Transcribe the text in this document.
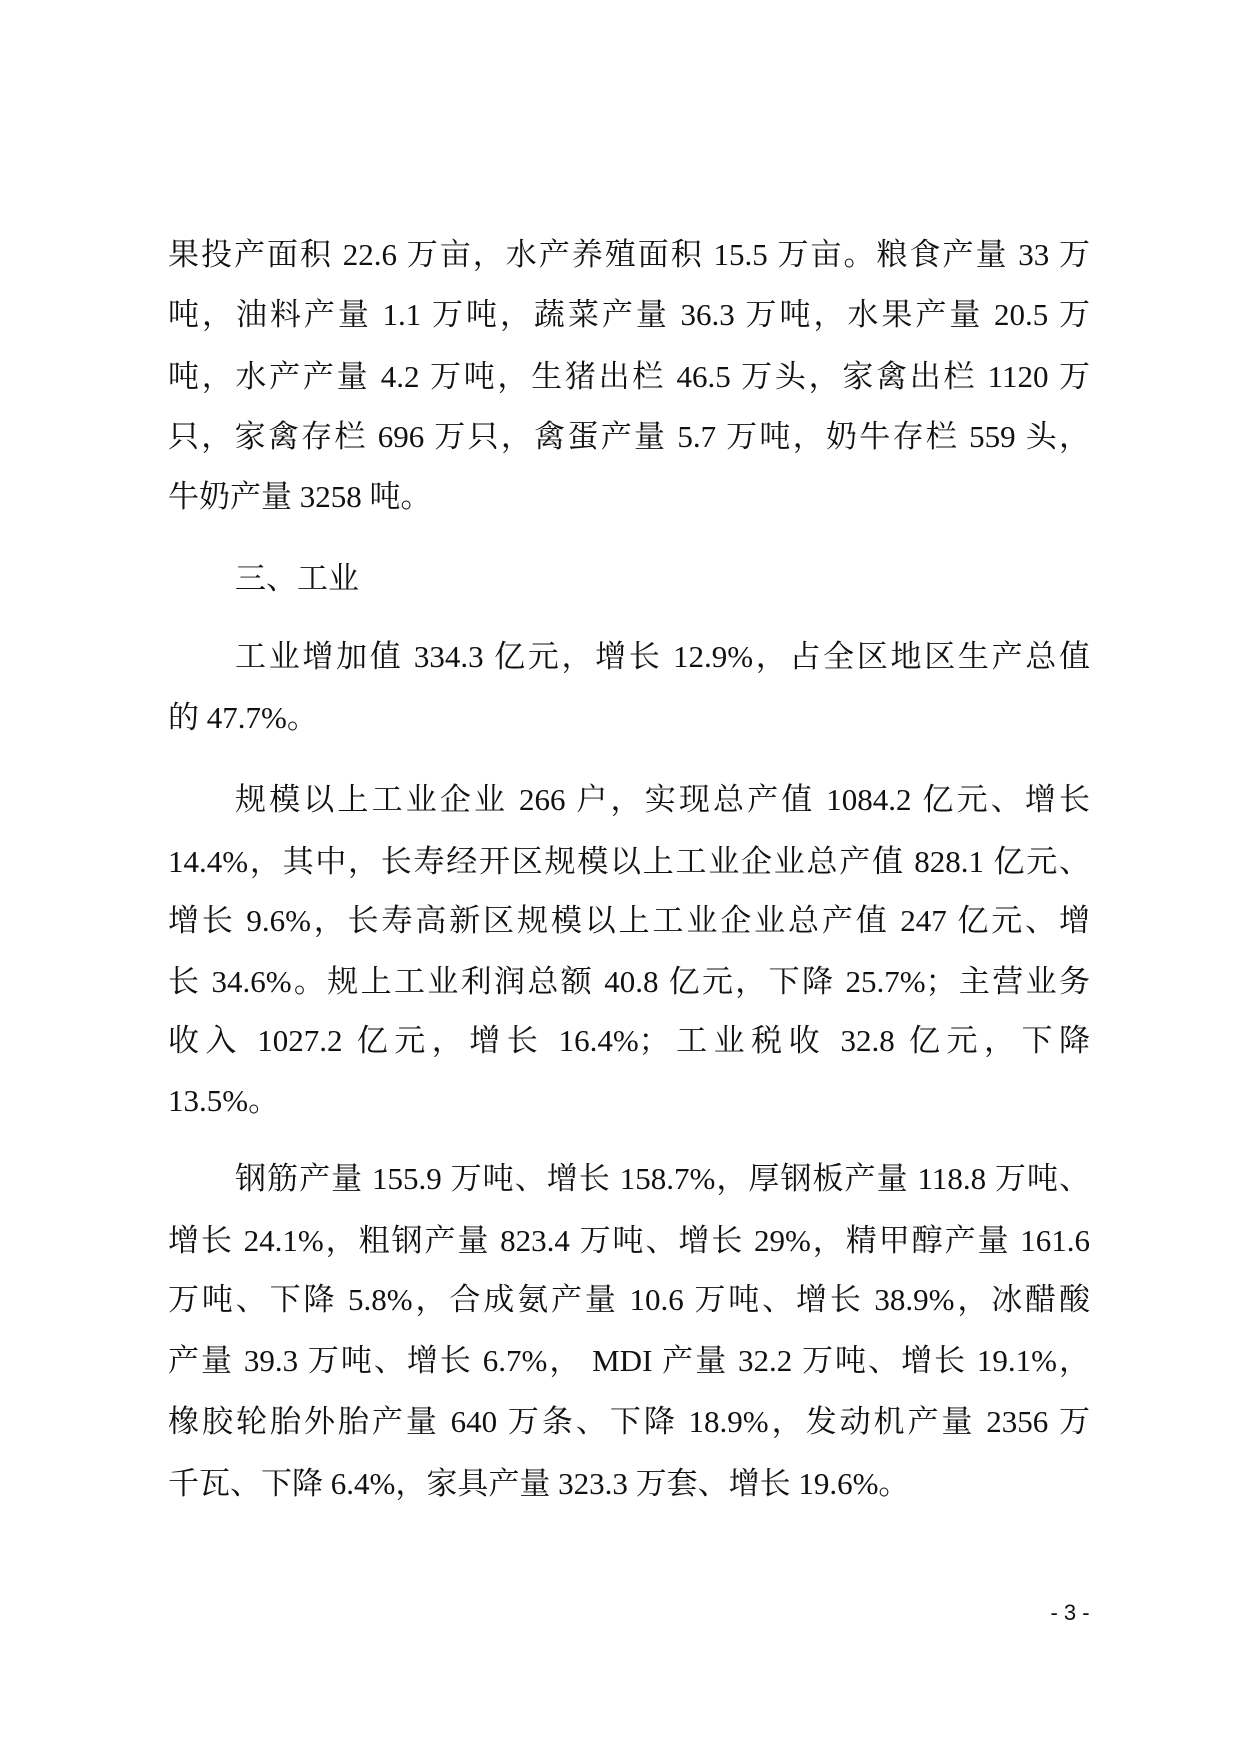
果投产面积 22.6 万亩，水产养殖面积 15.5 万亩。粮食产量 33 万
吨，油料产量 1.1 万吨，蔬菜产量 36.3 万吨，水果产量 20.5 万
吨，水产产量 4.2 万吨，生猪出栏 46.5 万头，家禽出栏 1120 万
只，家禽存栏 696 万只，禽蛋产量 5.7 万吨，奶牛存栏 559 头，
牛奶产量 3258 吨。
三、工业
工业增加值 334.3 亿元，增长 12.9%，占全区地区生产总值
的 47.7%。
规模以上工业企业 266 户，实现总产值 1084.2 亿元、增长
14.4%，其中，长寿经开区规模以上工业企业总产值 828.1 亿元、
增长 9.6%，长寿高新区规模以上工业企业总产值 247 亿元、增
长 34.6%。规上工业利润总额 40.8 亿元，下降 25.7%；主营业务
收入 1027.2 亿元，增长 16.4%；工业税收 32.8 亿元，下降
13.5%。
钢筋产量 155.9 万吨、增长 158.7%，厚钢板产量 118.8 万吨、
增长 24.1%，粗钢产量 823.4 万吨、增长 29%，精甲醇产量 161.6
万吨、下降 5.8%，合成氨产量 10.6 万吨、增长 38.9%，冰醋酸
产量 39.3 万吨、增长 6.7%， MDI 产量 32.2 万吨、增长 19.1%，
橡胶轮胎外胎产量 640 万条、下降 18.9%，发动机产量 2356 万
千瓦、下降 6.4%，家具产量 323.3 万套、增长 19.6%。
- 3 -
